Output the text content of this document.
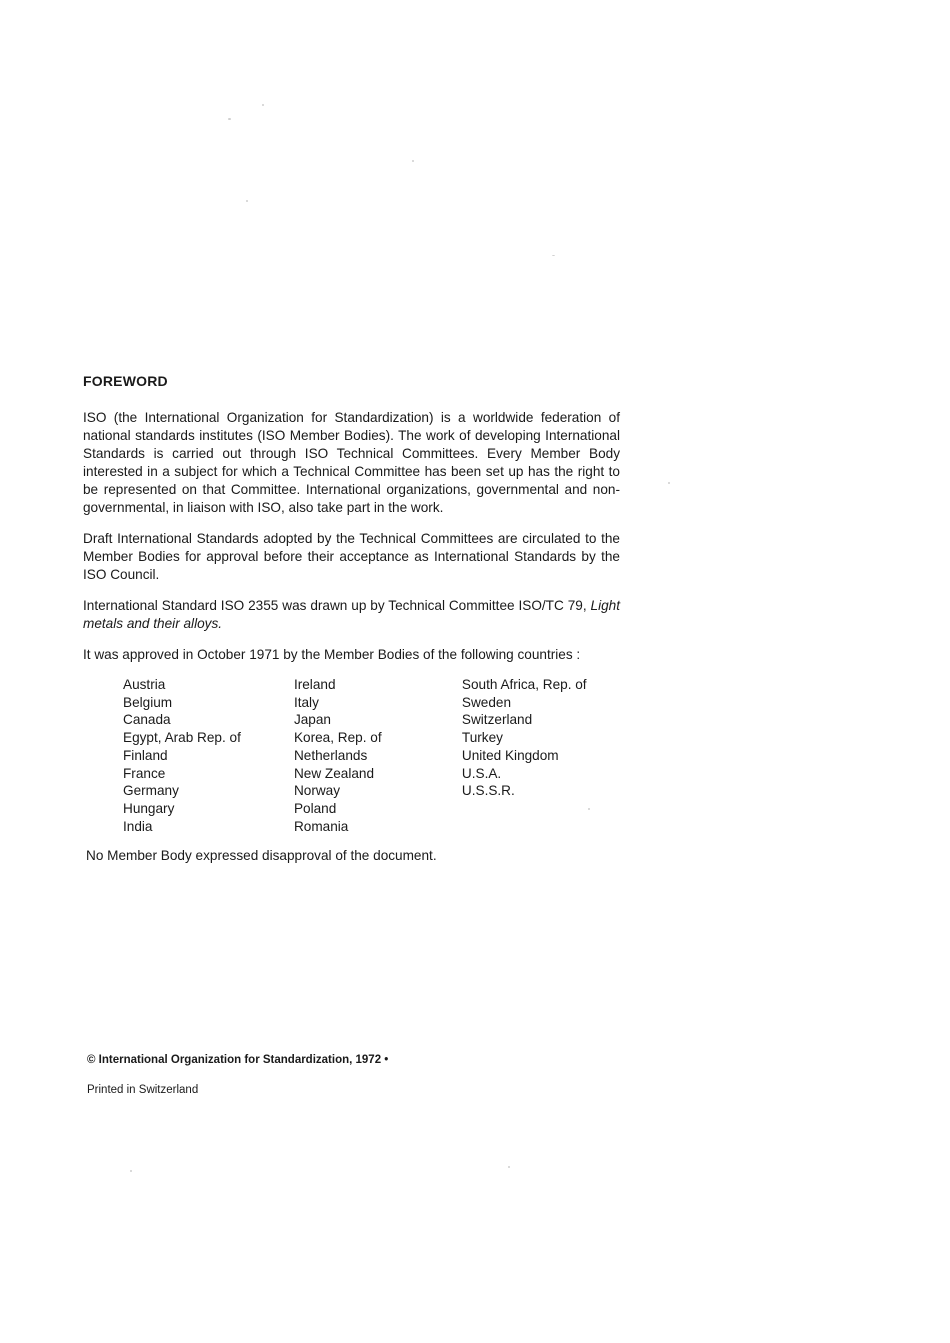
FOREWORD

ISO (the International Organization for Standardization) is a worldwide federation of national standards institutes (ISO Member Bodies). The work of developing International Standards is carried out through ISO Technical Committees. Every Member Body interested in a subject for which a Technical Committee has been set up has the right to be represented on that Committee. International organizations, governmental and non-governmental, in liaison with ISO, also take part in the work.

Draft International Standards adopted by the Technical Committees are circulated to the Member Bodies for approval before their acceptance as International Standards by the ISO Council.

International Standard ISO 2355 was drawn up by Technical Committee ISO/TC 79, Light metals and their alloys.

It was approved in October 1971 by the Member Bodies of the following countries :

Austria
Belgium
Canada
Egypt, Arab Rep. of
Finland
France
Germany
Hungary
India
Ireland
Italy
Japan
Korea, Rep. of
Netherlands
New Zealand
Norway
Poland
Romania
South Africa, Rep. of
Sweden
Switzerland
Turkey
United Kingdom
U.S.A.
U.S.S.R.
No Member Body expressed disapproval of the document.
© International Organization for Standardization, 1972 •
Printed in Switzerland
